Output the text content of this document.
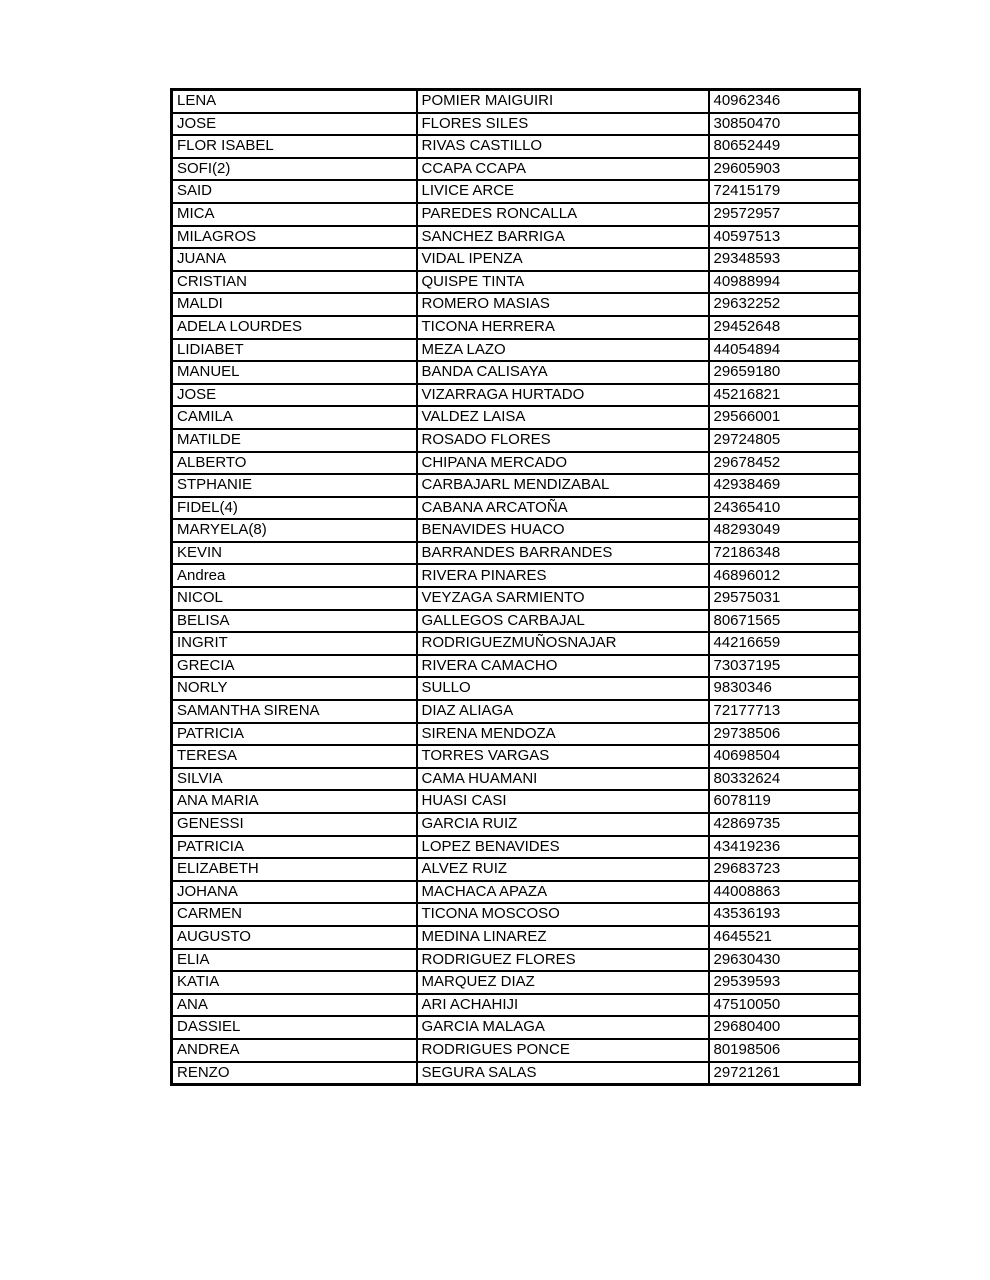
LENA	POMIER MAIGUIRI	40962346
JOSE	FLORES SILES	30850470
FLOR ISABEL	RIVAS CASTILLO	80652449
SOFI(2)	CCAPA CCAPA	29605903
SAID	LIVICE ARCE	72415179
MICA	PAREDES RONCALLA	29572957
MILAGROS	SANCHEZ BARRIGA	40597513
JUANA	VIDAL IPENZA	29348593
CRISTIAN	QUISPE TINTA	40988994
MALDI	ROMERO MASIAS	29632252
ADELA LOURDES	TICONA HERRERA	29452648
LIDIABET	MEZA LAZO	44054894
MANUEL	BANDA CALISAYA	29659180
JOSE	VIZARRAGA HURTADO	45216821
CAMILA	VALDEZ LAISA	29566001
MATILDE	ROSADO FLORES	29724805
ALBERTO	CHIPANA MERCADO	29678452
STPHANIE	CARBAJARL MENDIZABAL	42938469
FIDEL(4)	CABANA ARCATOÑA	24365410
MARYELA(8)	BENAVIDES HUACO	48293049
KEVIN	BARRANDES BARRANDES	72186348
Andrea	RIVERA PINARES	46896012
NICOL	VEYZAGA SARMIENTO	29575031
BELISA	GALLEGOS CARBAJAL	80671565
INGRIT	RODRIGUEZMUÑOSNAJAR	44216659
GRECIA	RIVERA CAMACHO	73037195
NORLY	SULLO	9830346
SAMANTHA SIRENA	DIAZ ALIAGA	72177713
PATRICIA	SIRENA MENDOZA	29738506
TERESA	TORRES VARGAS	40698504
SILVIA	CAMA HUAMANI	80332624
ANA MARIA	HUASI CASI	6078119
GENESSI	GARCIA RUIZ	42869735
PATRICIA	LOPEZ BENAVIDES	43419236
ELIZABETH	ALVEZ RUIZ	29683723
JOHANA	MACHACA APAZA	44008863
CARMEN	TICONA MOSCOSO	43536193
AUGUSTO	MEDINA LINAREZ	4645521
ELIA	RODRIGUEZ FLORES	29630430
KATIA	MARQUEZ DIAZ	29539593
ANA	ARI ACHAHIJI	47510050
DASSIEL	GARCIA MALAGA	29680400
ANDREA	RODRIGUES PONCE	80198506
RENZO	SEGURA SALAS	29721261
